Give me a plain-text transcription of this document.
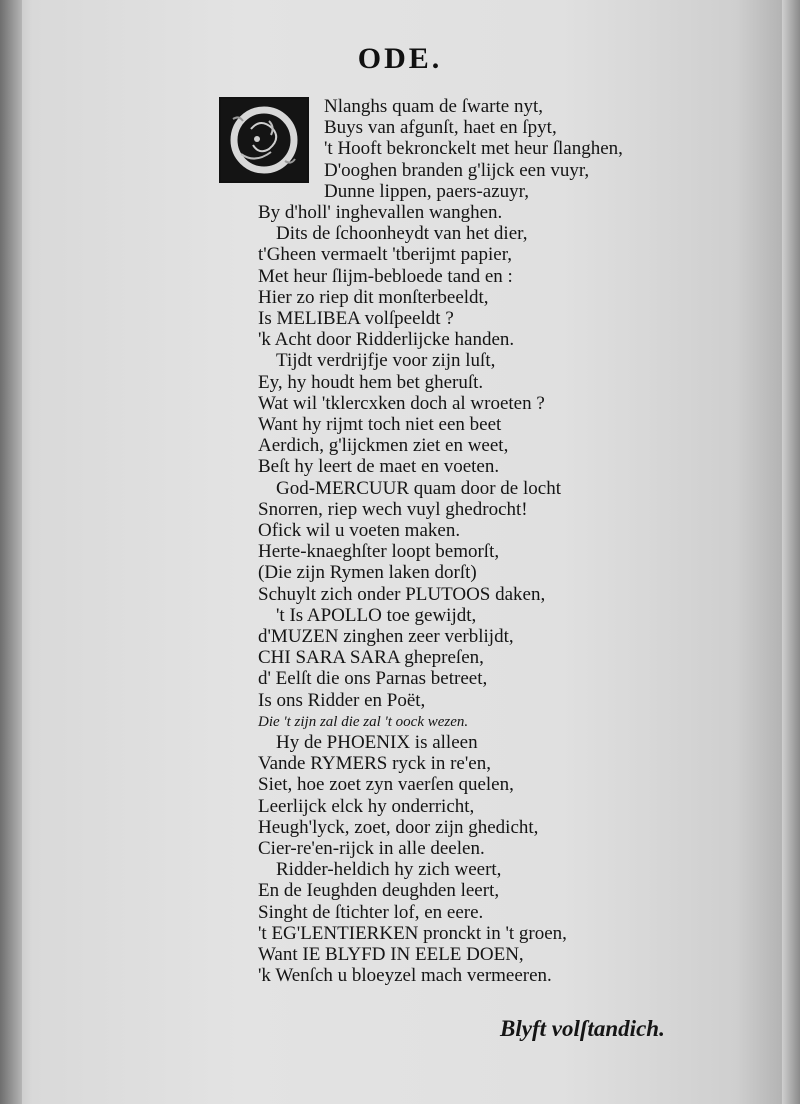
ODE.
Nlanghs quam de ſwarte nyt,
Buys van afgunſt, haet en ſpyt,
't Hooft bekronckelt met heur ſlanghen,
D'ooghen branden g'lijck een vuyr,
Dunne lippen, paers-azuyr,
By d'holl' inghevallen wanghen.
Dits de ſchoonheydt van het dier,
t'Gheen vermaelt 'tberijmt papier,
Met heur ſlijm-bebloede tand en :
Hier zo riep dit monſterbeeldt,
Is MELIBEA volſpeeldt ?
'k Acht door Ridderlijcke handen.
Tijdt verdrijfje voor zijn luſt,
Ey, hy houdt hem bet gheruſt.
Wat wil 'tklercxken doch al wroeten ?
Want hy rijmt toch niet een beet
Aerdich, g'lijckmen ziet en weet,
Beſt hy leert de maet en voeten.
God-MERCUUR quam door de locht
Snorren, riep wech vuyl ghedrocht!
Ofick wil u voeten maken.
Herte-knaeghſter loopt bemorſt,
(Die zijn Rymen laken dorſt)
Schuylt zich onder PLUTOOS daken,
't Is APOLLO toe gewijdt,
d'MUZEN zinghen zeer verblijdt,
CHI SARA SARA ghepreſen,
d' Eelſt die ons Parnas betreet,
Is ons Ridder en Poët,
Die 't zijn zal die zal 't oock wezen.
Hy de PHOENIX is alleen
Vande RYMERS ryck in re'en,
Siet, hoe zoet zyn vaerſen quelen,
Leerlijck elck hy onderricht,
Heugh'lyck, zoet, door zijn ghedicht,
Cier-re'en-rijck in alle deelen.
Ridder-heldich hy zich weert,
En de Ieughden deughden leert,
Singht de ſtichter lof, en eere.
't EG'LENTIERKEN pronckt in 't groen,
Want IE BLYFD IN EELE DOEN,
'k Wenſch u bloeyzel mach vermeeren.
Blyft volſtandich.
